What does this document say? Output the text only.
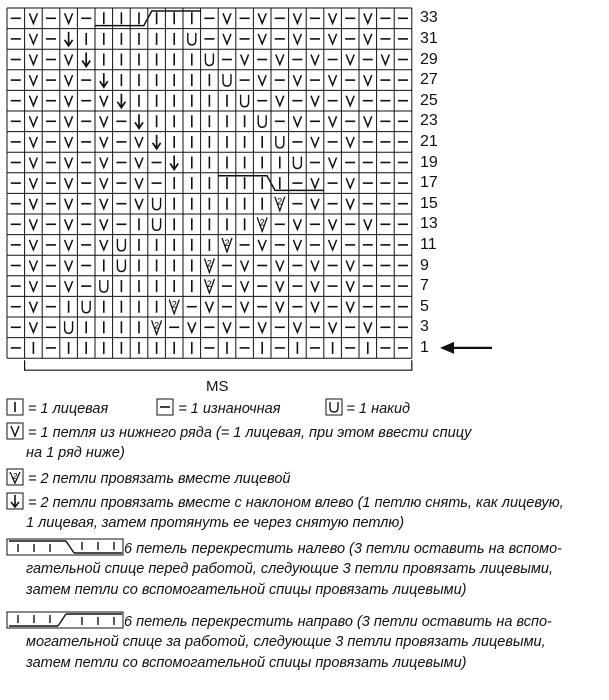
2
2
2
2
2
2
2
33
31
29
27
25
23
21
19
17
15
13
11
9
7
5
3
1
MS
= 1 лицевая	= 1 изнаночная	= 1 накид
= 1 петля из нижнего ряда (= 1 лицевая, при этом ввести спицу
на 1 ряд ниже)
2 = 2 петли провязать вместе лицевой
= 2 петли провязать вместе с наклоном влево (1 петлю снять, как лицевую,
1 лицевая, затем протянуть ее через снятую петлю)
6 петель перекрестить налево (3 петли оставить на вспомо-
гательной спице перед работой, следующие 3 петли провязать лицевыми,
затем петли со вспомогательной спицы провязать лицевыми)
6 петель перекрестить направо (3 петли оставить на вспо-
могательной спице за работой, следующие 3 петли провязать лицевыми,
затем петли со вспомогательной спицы провязать лицевыми)
